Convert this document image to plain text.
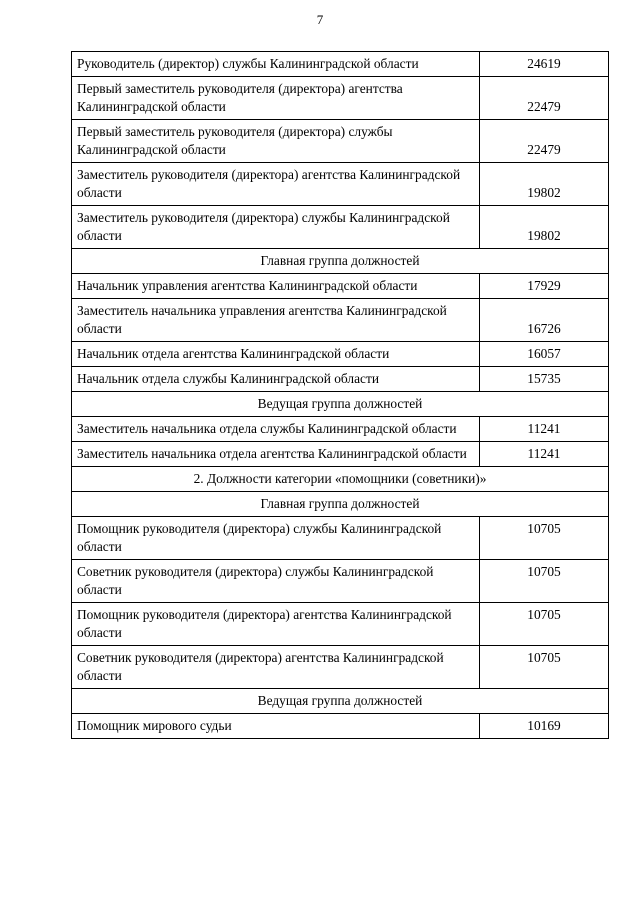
7
Руководитель (директор) службы Калининградской области	24619
Первый заместитель руководителя (директора) агентства Калининградской области	22479
Первый заместитель руководителя (директора) службы Калининградской области	22479
Заместитель руководителя (директора) агентства Калининградской области	19802
Заместитель руководителя (директора) службы Калининградской области	19802
Главная группа должностей	
Начальник управления агентства Калининградской области	17929
Заместитель начальника управления агентства Калининградской области	16726
Начальник отдела агентства Калининградской области	16057
Начальник отдела службы Калининградской области	15735
Ведущая группа должностей	
Заместитель начальника отдела службы Калининградской области	11241
Заместитель начальника отдела агентства Калининградской области	11241
2. Должности категории «помощники (советники)»	
Главная группа должностей	
Помощник руководителя (директора) службы Калининградской области	10705
Советник руководителя (директора) службы Калининградской области	10705
Помощник руководителя (директора) агентства Калининградской области	10705
Советник руководителя (директора) агентства Калининградской области	10705
Ведущая группа должностей	
Помощник мирового судьи	10169
